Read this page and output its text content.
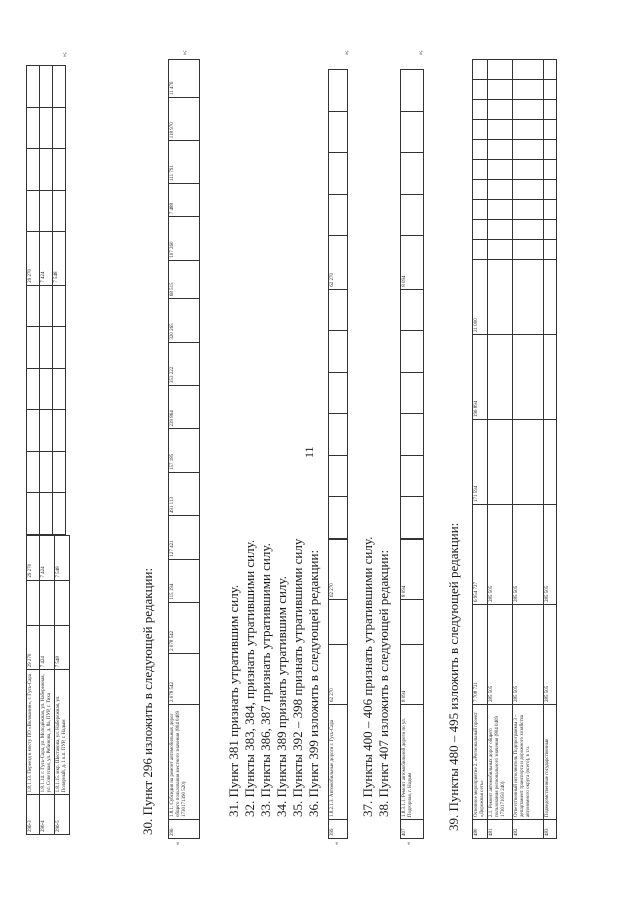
11
296-3	1.8.1.13. Переезд к мосту ПО «Волжанин», г. Гусь-Сара	29 270		29 270
296-4	1.8.1.14. г. Гусь-Сара, ул. Молодёжная, ул. Набережная, ул. Советская, ул. Рябинова, д. 8а, ПУР, г. Тиха	7 424		7 424
296-5	1.8.1.15. мкр. Шестакова, ул. Набережная, ул. Полярный, д. 1 к.п. ПУР, г. Надым	7 548		7 548
						29 270				
						7 424				
						7 548				
»;
30. Пункт 296 изложить в следующей редакции:
«
296	1.8.1. Субсидия на ремонт автомобильных дорог общего пользования местного значения (804 0409 1730171390 520)	2 078 542	2 078 542	115 194	127 421	491 113	157 185	239 864	353 222	320 265	68 515	107 260	7 488	111 791	118 970	11 476
»;
31. Пункт 381 признать утратившим силу. 32. Пункты 383, 384, признать утратившими силу. 33. Пункты 386, 387 признать утратившими силу. 34. Пункты 389 признать утратившим силу. 35. Пункты 392 – 398 признать утратившими силу 36. Пункт 399 изложить в следующей редакции:
«
399	1.8.2.1.3. Автомобильные дороги г. Гусь-Сара	62 270		62 270
						62 270				
»;
37. Пункты 400 – 406 признать утратившими силу. 38. Пункт 407 изложить в следующей редакции:
«
407	1.8.3.1.1. Ремонт автомобильной дороги по ул. Подгорная, г. Надым	8 094		8 094
						8 094				
»;
39. Пункты 480 – 495 изложить в следующей редакции:
480	Основное мероприятие 2. «Региональный проект «Дорожная сеть»	7 708 721	6 954 727	171 594	196 894	21 000										
481	2.1. Ремонт автомобильных дорог общего пользования регионального значения (804 0409 1730171050 240)	285 505	285 505													
482	Ответственный исполнитель Подпрограммы 3 – департамент транспорта и дорожного хозяйства автономного округа (всего), в т.ч.	285 505	285 505													
483	Подведомственные государственные	285 505	285 505													
